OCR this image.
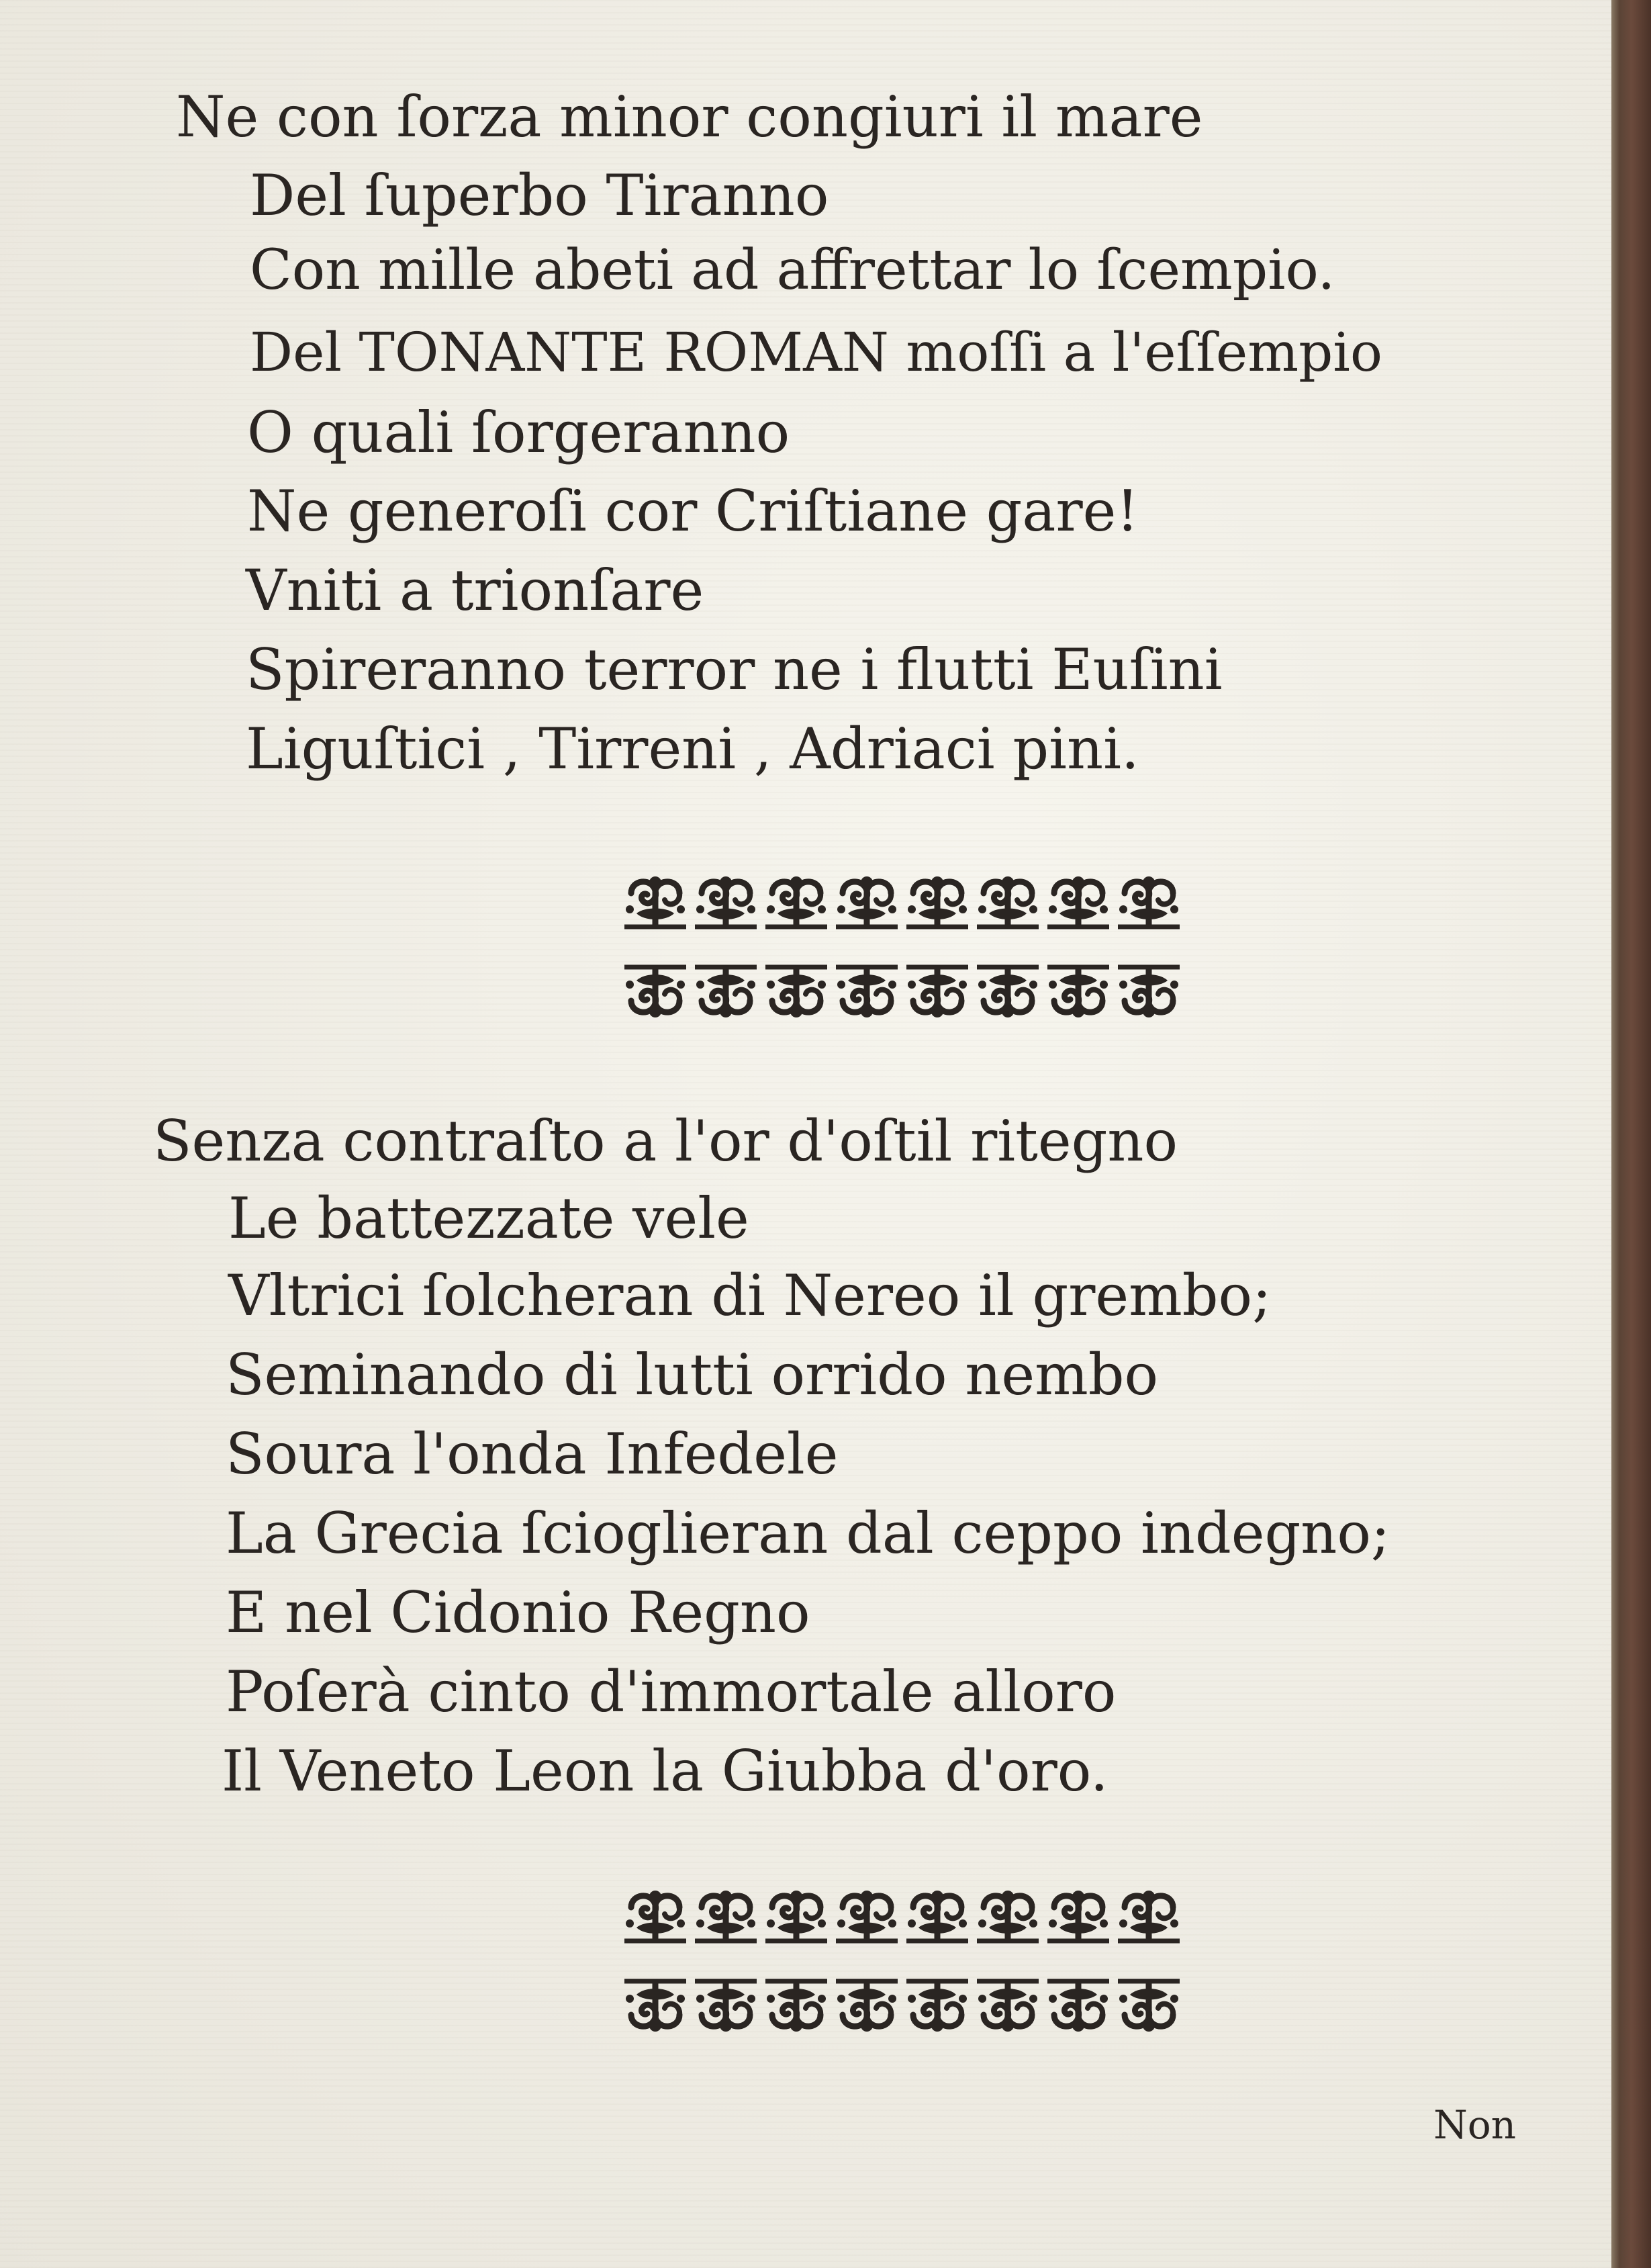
Ne con ſorza minor congiuri il mare
Del ſuperbo Tiranno
Con mille abeti ad affrettar lo ſcempio.
Del TONANTE ROMAN moſſi a l'eſſempio
O quali ſorgeranno
Ne generoſi cor Criſtiane gare!
Vniti a trionſare
Spireranno terror ne i flutti Euſini
Liguſtici , Tirreni , Adriaci pini.
Senza contraſto a l'or d'oſtil ritegno
Le battezzate vele
Vltrici ſolcheran di Nereo il grembo;
Seminando di lutti orrido nembo
Soura l'onda Infedele
La Grecia ſcioglieran dal ceppo indegno;
E nel Cidonio Regno
Poſerà cinto d'immortale alloro
Il Veneto Leon la Giubba d'oro.
Non
